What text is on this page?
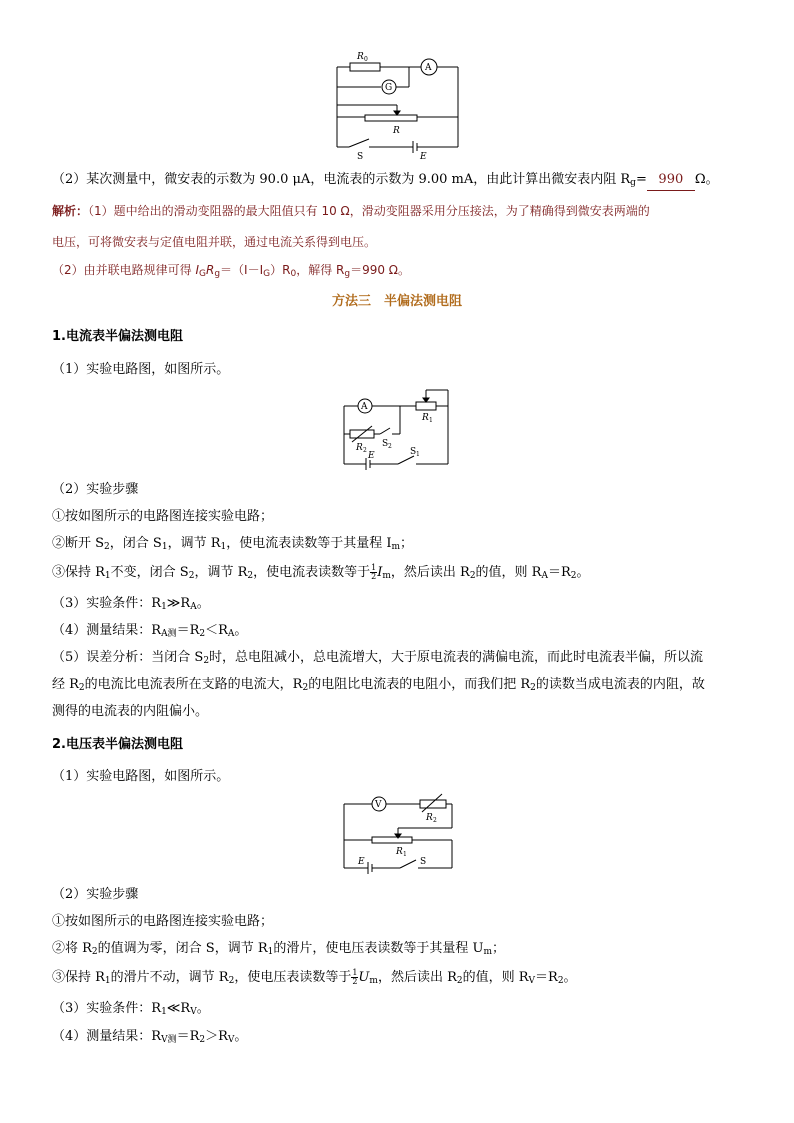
R 0
A
G
R
S	E
（2）某次测量中，微安表的示数为 90.0 μA，电流表的示数为 9.00 mA，由此计算出微安表内阻 $R_g= 990$ Ω。
解析：（1）题中给出的滑动变阻器的最大阻值只有 10 Ω，滑动变阻器采用分压接法，为了精确得到微安表两端的
电压，可将微安表与定值电阻并联，通过电流关系得到电压。
（2）由并联电路规律可得 $I_GR_g=(I-I_G)R_0$，解得 $R_g=990$ Ω。
方法三　半偏法测电阻
1.电流表半偏法测电阻
（1）实验电路图，如图所示。
A
R 1
R 2
S 2
E	S 1
（2）实验步骤
①按如图所示的电路图连接实验电路；
②断开 $S_2$，闭合 $S_1$，调节 $R_1$，使电流表读数等于其量程 $I_m$；
③保持 $R_1$不变，闭合 $S_2$，调节 $R_2$，使电流表读数等于 $\frac{1}{2} I_m$，然后读出 $R_2$的值，则 $R_A=R_2$。
（3）实验条件：$R_1≫R_A$。
（4）测量结果：$R_{A测}=R_2<R_A$。
（5）误差分析：当闭合 $S_2$时，总电阻减小，总电流增大，大于原电流表的满偏电流，而此时电流表半偏，所以流
经 $R_2$的电流比电流表所在支路的电流大，$R_2$的电阻比电流表的电阻小，而我们把 $R_2$的读数当成电流表的内阻，故
测得的电流表的内阻偏小。
2.电压表半偏法测电阻
（1）实验电路图，如图所示。
V
R 2
R 1
E	S
（2）实验步骤
①按如图所示的电路图连接实验电路；
②将 $R_2$的值调为零，闭合 S，调节 $R_1$的滑片，使电压表读数等于其量程 $U_m$；
③保持 $R_1$的滑片不动，调节 $R_2$，使电压表读数等于 $\frac{1}{2} U_m$，然后读出 $R_2$的值，则 $R_V=R_2$。
（3）实验条件：$R_1≪R_V$。
（4）测量结果：$R_{V测}=R_2>R_V$。
